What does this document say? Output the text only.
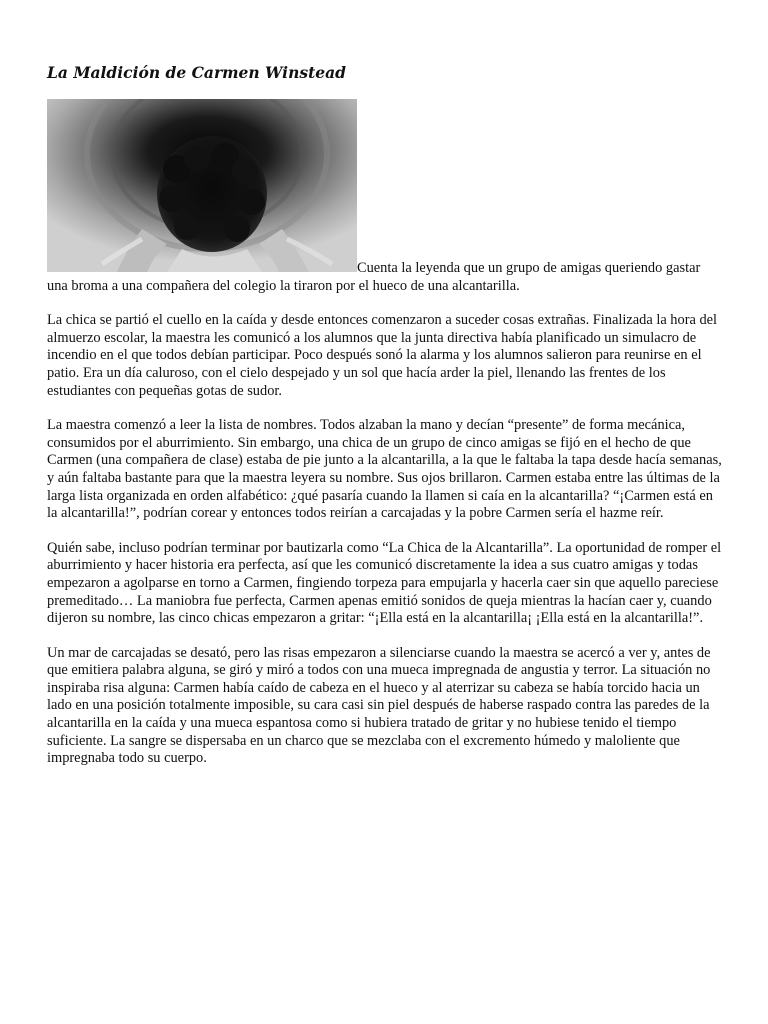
La Maldición de Carmen Winstead

Cuenta la leyenda que un grupo de amigas queriendo gastar una broma a una compañera del colegio la tiraron por el hueco de una alcantarilla.

La chica se partió el cuello en la caída y desde entonces comenzaron a suceder cosas extrañas. Finalizada la hora del almuerzo escolar, la maestra les comunicó a los alumnos que la junta directiva había planificado un simulacro de incendio en el que todos debían participar. Poco después sonó la alarma y los alumnos salieron para reunirse en el patio. Era un día caluroso, con el cielo despejado y un sol que hacía arder la piel, llenando las frentes de los estudiantes con pequeñas gotas de sudor.

La maestra comenzó a leer la lista de nombres. Todos alzaban la mano y decían “presente” de forma mecánica, consumidos por el aburrimiento. Sin embargo, una chica de un grupo de cinco amigas se fijó en el hecho de que Carmen (una compañera de clase) estaba de pie junto a la alcantarilla, a la que le faltaba la tapa desde hacía semanas, y aún faltaba bastante para que la maestra leyera su nombre. Sus ojos brillaron. Carmen estaba entre las últimas de la larga lista organizada en orden alfabético: ¿qué pasaría cuando la llamen si caía en la alcantarilla? “¡Carmen está en la alcantarilla!”, podrían corear y entonces todos reirían a carcajadas y la pobre Carmen sería el hazme reír.

Quién sabe, incluso podrían terminar por bautizarla como “La Chica de la Alcantarilla”. La oportunidad de romper el aburrimiento y hacer historia era perfecta, así que les comunicó discretamente la idea a sus cuatro amigas y todas empezaron a agolparse en torno a Carmen, fingiendo torpeza para empujarla y hacerla caer sin que aquello pareciese premeditado… La maniobra fue perfecta, Carmen apenas emitió sonidos de queja mientras la hacían caer y, cuando dijeron su nombre, las cinco chicas empezaron a gritar: “¡Ella está en la alcantarilla¡ ¡Ella está en la alcantarilla!”.

Un mar de carcajadas se desató, pero las risas empezaron a silenciarse cuando la maestra se acercó a ver y, antes de que emitiera palabra alguna, se giró y miró a todos con una mueca impregnada de angustia y terror. La situación no inspiraba risa alguna: Carmen había caído de cabeza en el hueco y al aterrizar su cabeza se había torcido hacia un lado en una posición totalmente imposible, su cara casi sin piel después de haberse raspado contra las paredes de la alcantarilla en la caída y una mueca espantosa como si hubiera tratado de gritar y no hubiese tenido el tiempo suficiente. La sangre se dispersaba en un charco que se mezclaba con el excremento húmedo y maloliente que impregnaba todo su cuerpo.
